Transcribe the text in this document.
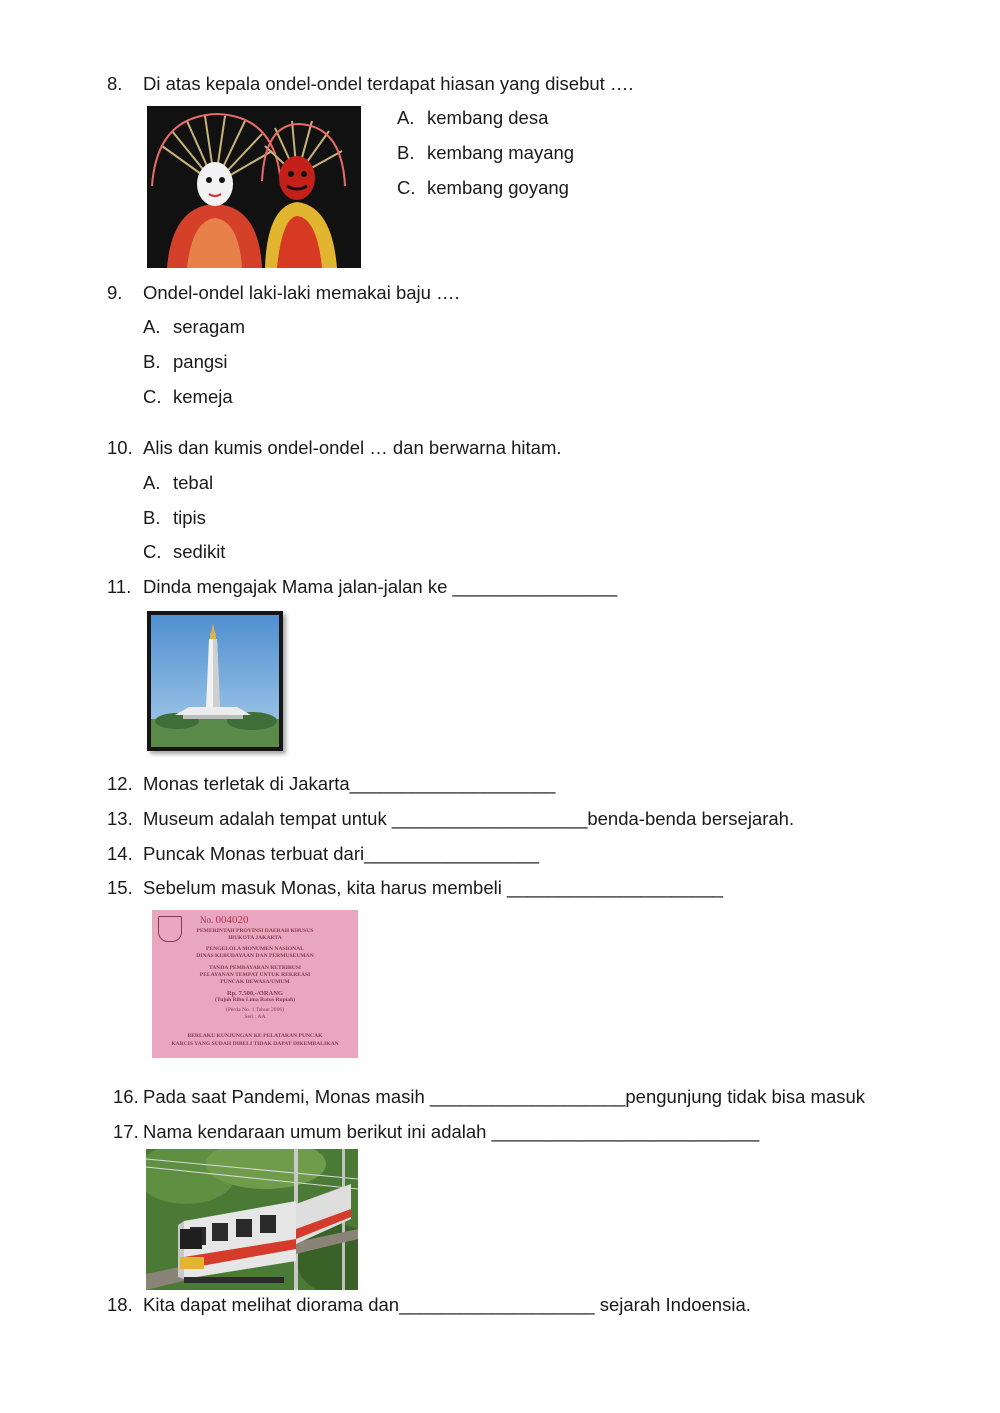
8. Di atas kepala ondel-ondel terdapat hiasan yang disebut ….
A. kembang desa
B. kembang mayang
C. kembang goyang
9. Ondel-ondel laki-laki memakai baju ….
A. seragam
B. pangsi
C. kemeja
10. Alis dan kumis ondel-ondel … dan berwarna hitam.
A. tebal
B. tipis
C. sedikit
11. Dinda mengajak Mama jalan-jalan ke ________________
12. Monas terletak di Jakarta____________________
13. Museum adalah tempat untuk ___________________benda-benda bersejarah.
14. Puncak Monas terbuat dari_________________
15. Sebelum masuk Monas, kita harus membeli _____________________
No. 004020
PEMERINTAH PROVINSI DAERAH KHUSUS
IBUKOTA JAKARTA
PENGELOLA MONUMEN NASIONAL
DINAS KEBUDAYAAN DAN PERMUSEUMAN
TANDA PEMBAYARAN RETRIBUSI
PELAYANAN TEMPAT UNTUK REKREASI
PUNCAK DEWASA/UMUM
Rp. 7.500,-/ORANG
(Tujuh Ribu Lima Ratus Rupiah)
(Perda No. 1 Tahun 2006)
Seri : AA
BERLAKU KUNJUNGAN KE PELATARAN PUNCAK
KARCIS YANG SUDAH DIBELI TIDAK DAPAT DIKEMBALIKAN
16. Pada saat Pandemi, Monas masih ___________________pengunjung tidak bisa masuk
17. Nama kendaraan umum berikut ini adalah __________________________
18. Kita dapat melihat diorama dan___________________ sejarah Indoensia.
